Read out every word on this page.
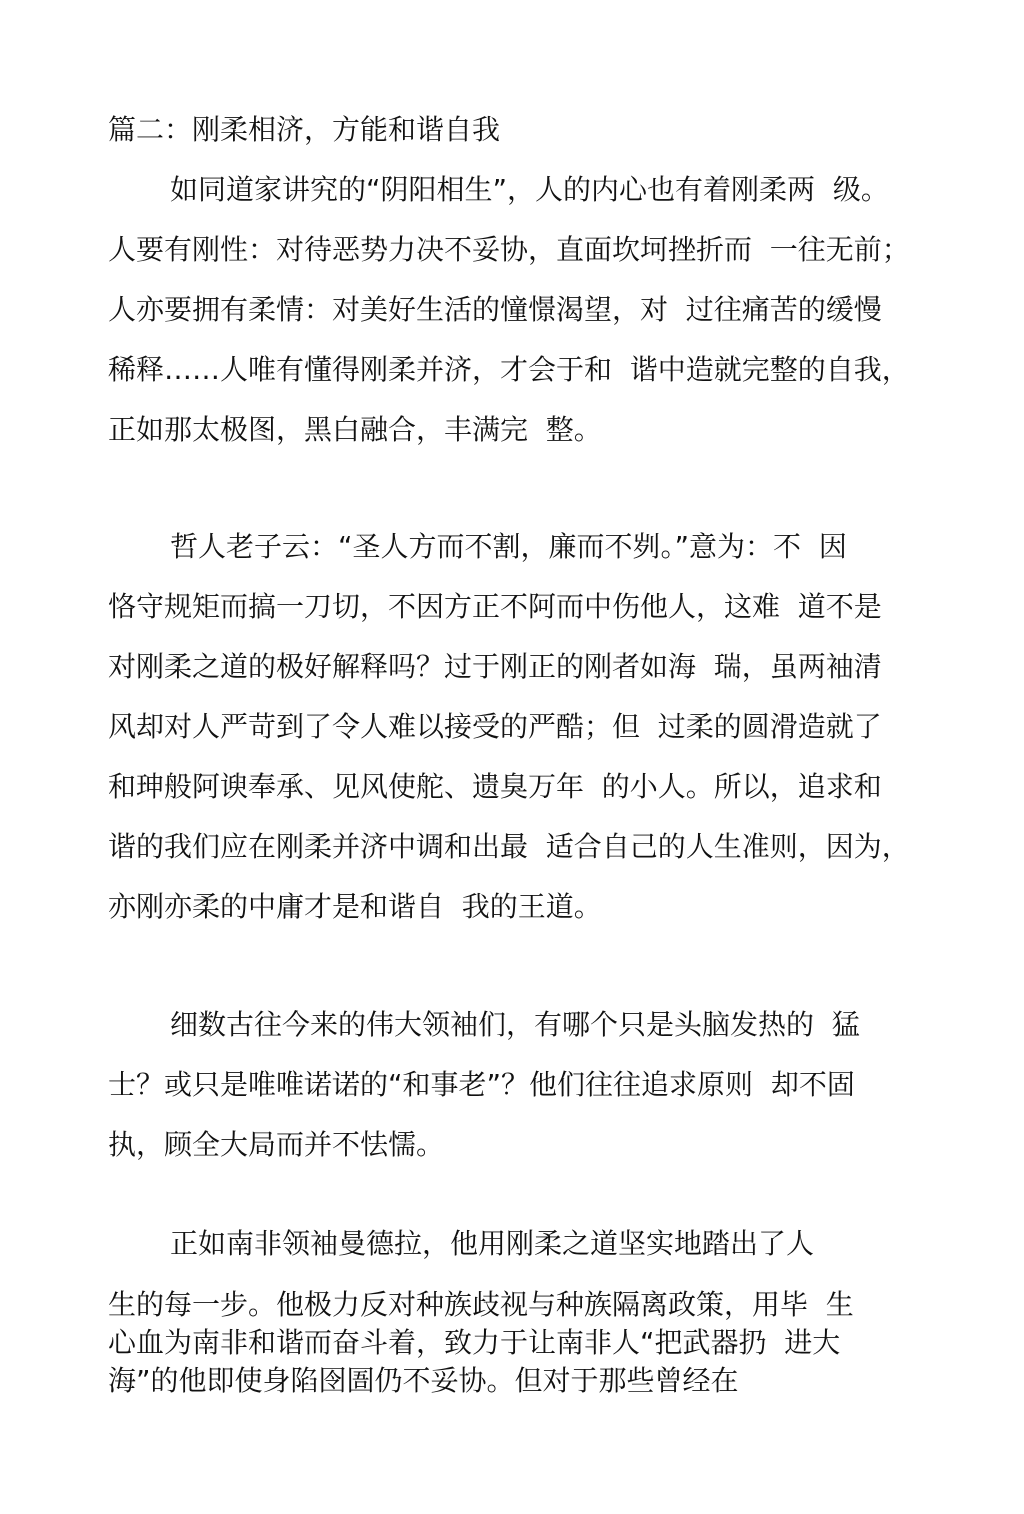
篇二：刚柔相济，方能和谐自我
如同道家讲究的“阴阳相生”，人的内心也有着刚柔两  级。
人要有刚性：对待恶势力决不妥协，直面坎坷挫折而  一往无前；
人亦要拥有柔情：对美好生活的憧憬渴望，对  过往痛苦的缓慢
稀释……人唯有懂得刚柔并济，才会于和  谐中造就完整的自我，
正如那太极图，黑白融合，丰满完  整。
哲人老子云：“圣人方而不割，廉而不刿。”意为：不  因
恪守规矩而搞一刀切，不因方正不阿而中伤他人，这难  道不是
对刚柔之道的极好解释吗？过于刚正的刚者如海  瑞，虽两袖清
风却对人严苛到了令人难以接受的严酷；但  过柔的圆滑造就了
和珅般阿谀奉承、见风使舵、遗臭万年  的小人。所以，追求和
谐的我们应在刚柔并济中调和出最  适合自己的人生准则，因为，
亦刚亦柔的中庸才是和谐自  我的王道。
细数古往今来的伟大领袖们，有哪个只是头脑发热的  猛
士？或只是唯唯诺诺的“和事老”？他们往往追求原则  却不固
执，顾全大局而并不怯懦。
正如南非领袖曼德拉，他用刚柔之道坚实地踏出了人
生的每一步。他极力反对种族歧视与种族隔离政策，用毕  生
心血为南非和谐而奋斗着，致力于让南非人“把武器扔  进大
海”的他即使身陷囹圄仍不妥协。但对于那些曾经在
